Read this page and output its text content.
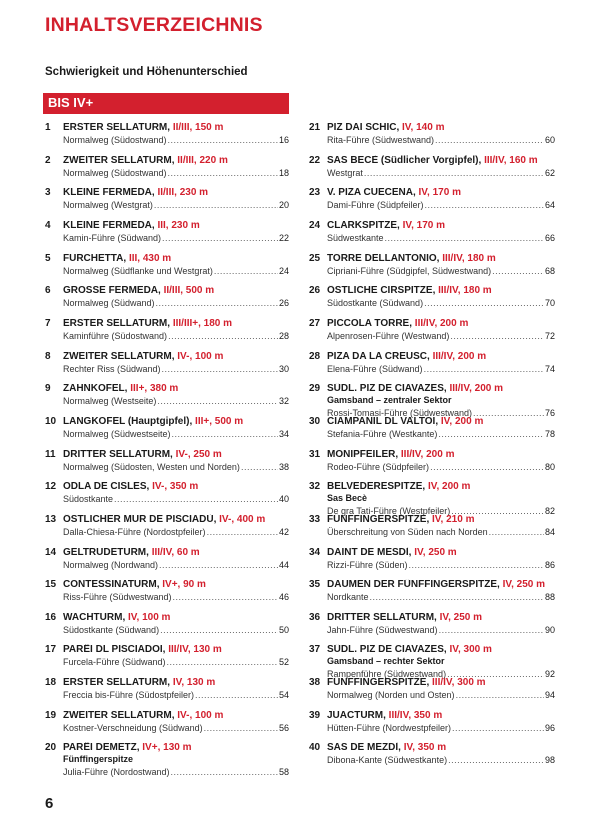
INHALTSVERZEICHNIS
Schwierigkeit und Höhenunterschied
BIS IV+
1	ERSTER SELLATURM, II/III, 150 m
Normalweg (Südostwand) .....	16
2	ZWEITER SELLATURM, II/III, 220 m
Normalweg (Südostwand) .....	18
3	KLEINE FERMEDA, II/III, 230 m
Normalweg (Westgrat) .....	20
4	KLEINE FERMEDA, III, 230 m
Kamin-Führe (Südwand) .....	22
5	FURCHETTA, III, 430 m
Normalweg (Südflanke und Westgrat) .....	24
6	GROSSE FERMEDA, II/III, 500 m
Normalweg (Südwand) .....	26
7	ERSTER SELLATURM, III/III+, 180 m
Kaminführe (Südostwand) .....	28
8	ZWEITER SELLATURM, IV-, 100 m
Rechter Riss (Südwand) .....	30
9	ZAHNKOFEL, III+, 380 m
Normalweg (Westseite) .....	32
10 LANGKOFEL (Hauptgipfel), III+, 500 m
Normalweg (Südwestseite) .....	34
11 DRITTER SELLATURM, IV-, 250 m
Normalweg (Südosten, Westen und Norden) .....	38
12 ODLA DE CISLES, IV-, 350 m
Südostkante .....	40
13 ÖSTLICHER MUR DE PISCIADÙ, IV-, 400 m
Dalla-Chiesa-Führe (Nordostpfeiler) .....	42
14 GELTRUDETURM, III/IV, 60 m
Normalweg (Nordwand) .....	44
15 CONTESSINATURM, IV+, 90 m
Riss-Führe (Südwestwand) .....	46
16 WACHTURM, IV, 100 m
Südostkante (Südwand) .....	50
17 PARËI DL PISCIADOI, III/IV, 130 m
Furcela-Führe (Südwand) .....	52
18 ERSTER SELLATURM, IV, 130 m
Freccia bis-Führe (Südostpfeiler) .....	54
19 ZWEITER SELLATURM, IV-, 100 m
Kostner-Verschneidung (Südwand) .....	56
20 PARËI DEMETZ, IV+, 130 m
Fünffingerspitze
Julia-Führe (Nordostwand) .....	58
21 PIZ DAI SCHIC, IV, 140 m
Rita-Führe (Südwestwand) .....	60
22 SAS BECÈ (Südlicher Vorgipfel), III/IV, 160 m
Westgrat .....	62
23 V. PIZA CUECENA, IV, 170 m
Dami-Führe (Südpfeiler) .....	64
24 CLARKSPITZE, IV, 170 m
Südwestkante .....	66
25 TORRE DELLANTONIO, III/IV, 180 m
Cipriani-Führe (Südgipfel, Südwestwand) .....	68
26 ÖSTLICHE CIRSPITZE, III/IV, 180 m
Südostkante (Südwand) .....	70
27 PICCOLA TORRE, III/IV, 200 m
Alpenrosen-Führe (Westwand) .....	72
28 PIZA DA LA CREUSC, III/IV, 200 m
Elena-Führe (Südwand) .....	74
29 SÜDL. PIZ DE CIAVAZES, III/IV, 200 m
Gamsband – zentraler Sektor
Rossi-Tomasi-Führe (Südwestwand) .....	76
30 CIAMPANIL DL VALTOI, IV, 200 m
Stefania-Führe (Westkante) .....	78
31 MONIPFEILER, III/IV, 200 m
Rodeo-Führe (Südpfeiler) .....	80
32 BELVEDERESPITZE, IV, 200 m
Sas Becè
De gra Tati-Führe (Westpfeiler) .....	82
33 FÜNFFINGERSPITZE, IV, 210 m
Überschreitung von Süden nach Norden .....	84
34 DAINT DE MESDÌ, IV, 250 m
Rizzi-Führe (Süden) .....	86
35 DAUMEN DER FÜNFFINGERSPITZE, IV, 250 m
Nordkante .....	88
36 DRITTER SELLATURM, IV, 250 m
Jahn-Führe (Südwestwand) .....	90
37 SÜDL. PIZ DE CIAVAZES, IV, 300 m
Gamsband – rechter Sektor
Rampenführe (Südwestwand) .....	92
38 FÜNFFINGERSPITZE, III/IV, 300 m
Normalweg (Norden und Osten) .....	94
39 JUACTURM, III/IV, 350 m
Hütten-Führe (Nordwestpfeiler) .....	96
40 SAS DE MEZDÌ, IV, 350 m
Dibona-Kante (Südwestkante) .....	98
6
